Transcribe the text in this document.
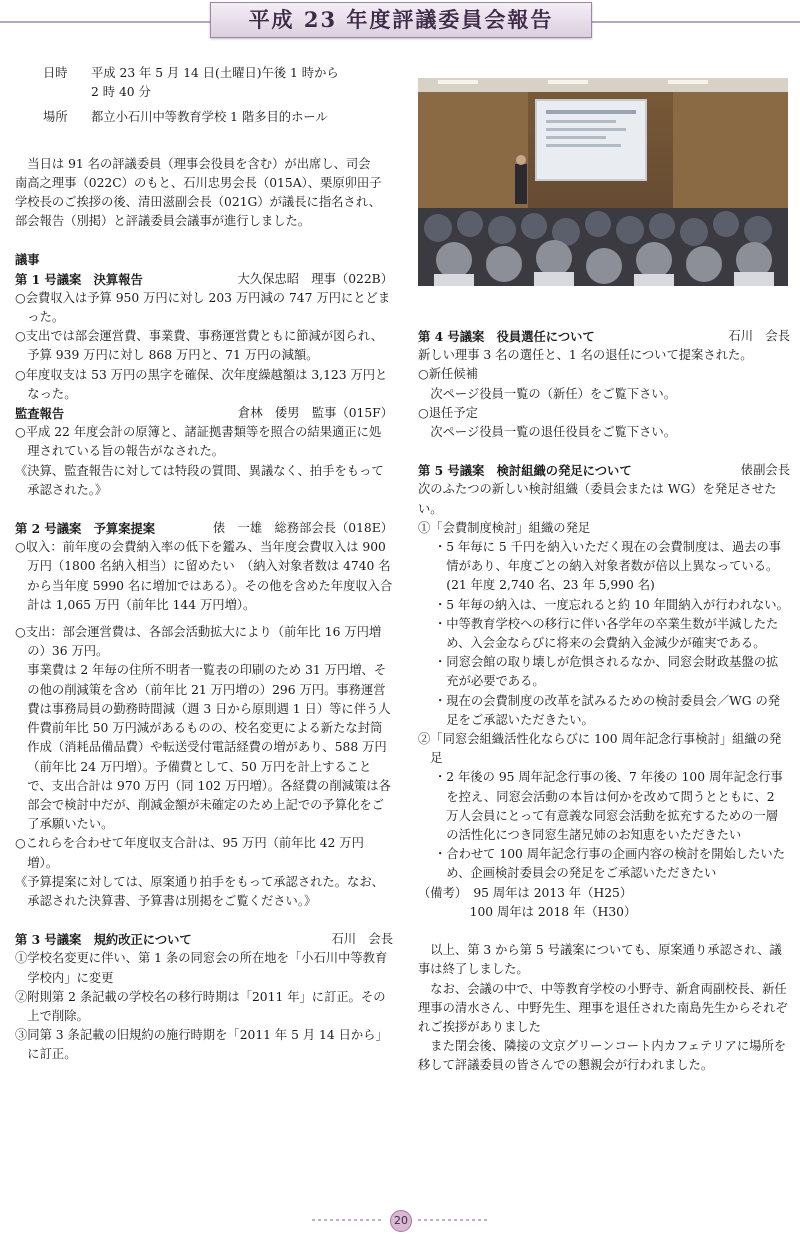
平成 23 年度評議委員会報告
日時	平成 23 年 5 月 14 日(土曜日)午後 1 時から
2 時 40 分
場所	都立小石川中等教育学校 1 階多目的ホール

当日は 91 名の評議委員（理事会役員を含む）が出席し、司会　南高之理事（022C）のもと、石川忠男会長（015A）、栗原卯田子学校長のご挨拶の後、清田滋副会長（021G）が議長に指名され、部会報告（別掲）と評議委員会議事が進行しました。

議事

第 1 号議案　決算報告	大久保忠昭　理事（022B）

○会費収入は予算 950 万円に対し 203 万円減の 747 万円にとどまった。

○支出では部会運営費、事業費、事務運営費ともに節減が図られ、予算 939 万円に対し 868 万円と、71 万円の減額。

○年度収支は 53 万円の黒字を確保、次年度繰越額は 3,123 万円となった。

監査報告	倉林　倭男　監事（015F）

○平成 22 年度会計の原簿と、諸証拠書類等を照合の結果適正に処理されている旨の報告がなされた。

《決算、監査報告に対しては特段の質問、異議なく、拍手をもって承認された。》

第 2 号議案　予算案提案	俵　一雄　総務部会長（018E）

○収入：前年度の会費納入率の低下を鑑み、当年度会費収入は 900 万円（1800 名納入相当）に留めたい　（納入対象者数は 4740 名から当年度 5990 名に増加ではある）。その他を含めた年度収入合計は 1,065 万円（前年比 144 万円増）。

○支出：部会運営費は、各部会活動拡大により（前年比 16 万円増の）36 万円。

事業費は 2 年毎の住所不明者一覧表の印刷のため 31 万円増、その他の削減策を含め（前年比 21 万円増の）296 万円。事務運営費は事務局員の勤務時間減（週 3 日から原則週 1 日）等に伴う人件費前年比 50 万円減があるものの、校名変更による新たな封筒作成（消耗品備品費）や転送受付電話経費の増があり、588 万円（前年比 24 万円増）。予備費として、50 万円を計上することで、支出合計は 970 万円（同 102 万円増）。各経費の削減策は各部会で検討中だが、削減金額が未確定のため上記での予算化をご了承願いたい。

○これらを合わせて年度収支合計は、95 万円（前年比 42 万円増）。

《予算提案に対しては、原案通り拍手をもって承認された。なお、承認された決算書、予算書は別掲をご覧ください。》

第 3 号議案　規約改正について	石川　会長

①学校名変更に伴い、第 1 条の同窓会の所在地を「小石川中等教育学校内」に変更

②附則第 2 条記載の学校名の移行時期は「2011 年」に訂正。その上で削除。

③同第 3 条記載の旧規約の施行時期を「2011 年 5 月 14 日から」に訂正。

第 4 号議案　役員選任について	石川　会長

新しい理事 3 名の選任と、1 名の退任について提案された。

○新任候補

次ページ役員一覧の（新任）をご覧下さい。

○退任予定

次ページ役員一覧の退任役員をご覧下さい。

第 5 号議案　検討組織の発足について	俵副会長

次のふたつの新しい検討組織（委員会または WG）を発足させたい。

①「会費制度検討」組織の発足

・5 年毎に 5 千円を納入いただく現在の会費制度は、過去の事情があり、年度ごとの納入対象者数が倍以上異なっている。(21 年度 2,740 名、23 年 5,990 名)

・5 年毎の納入は、一度忘れると約 10 年間納入が行われない。

・中等教育学校への移行に伴い各学年の卒業生数が半減したため、入会金ならびに将来の会費納入金減少が確実である。

・同窓会館の取り壊しが危惧されるなか、同窓会財政基盤の拡充が必要である。

・現在の会費制度の改革を試みるための検討委員会／WG の発足をご承認いただきたい。

②「同窓会組織活性化ならびに 100 周年記念行事検討」組織の発足

・2 年後の 95 周年記念行事の後、7 年後の 100 周年記念行事を控え、同窓会活動の本旨は何かを改めて問うとともに、2 万人会員にとって有意義な同窓会活動を拡充するための一層の活性化につき同窓生諸兄姉のお知恵をいただきたい

・合わせて 100 周年記念行事の企画内容の検討を開始したいため、企画検討委員会の発足をご承認いただきたい

（備考）　95 周年は 2013 年（H25）

100 周年は 2018 年（H30）

以上、第 3 から第 5 号議案についても、原案通り承認され、議事は終了しました。

なお、会議の中で、中等教育学校の小野寺、新倉両副校長、新任理事の清水さん、中野先生、理事を退任された南島先生からそれぞれご挨拶がありました

また閉会後、隣接の文京グリーンコート内カフェテリアに場所を移して評議委員の皆さんでの懇親会が行われました。

20
